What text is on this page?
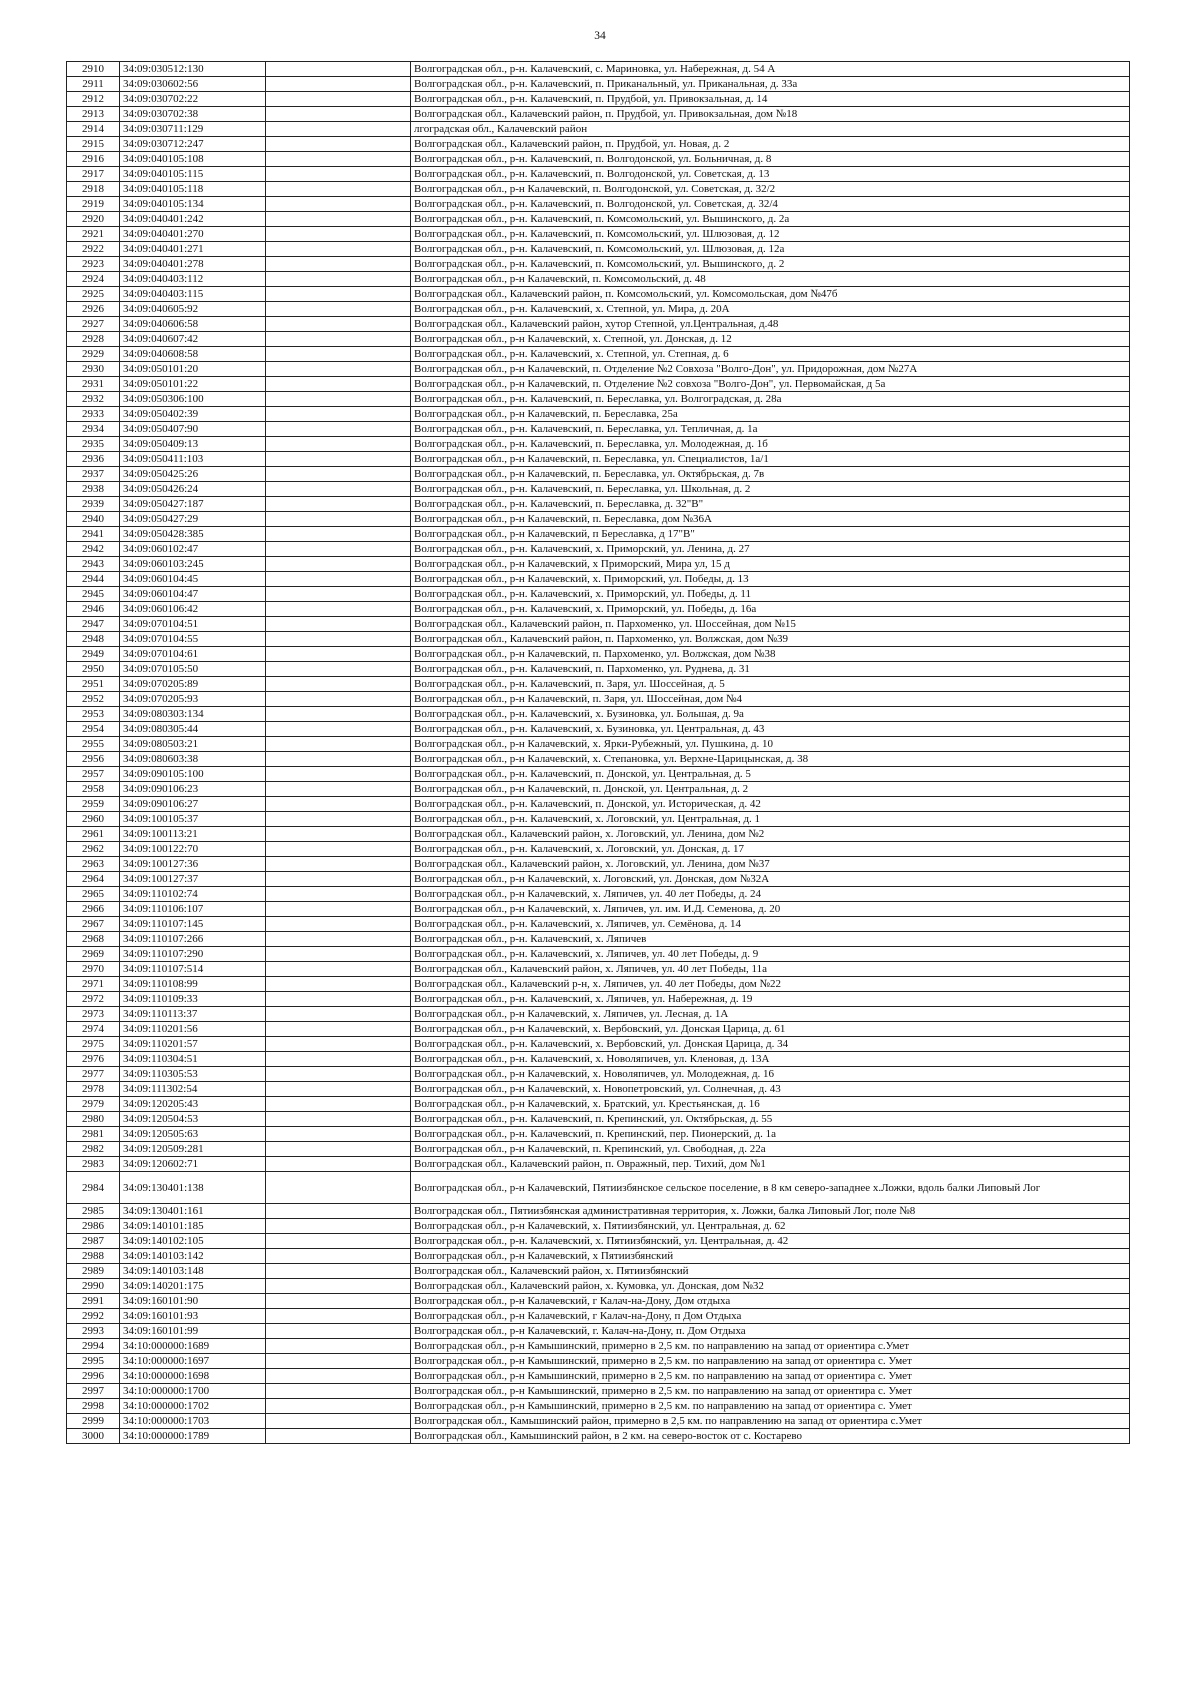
34
2910	34:09:030512:130		Волгоградская обл., р-н. Калачевский, с. Мариновка, ул. Набережная, д. 54 А
2911	34:09:030602:56		Волгоградская обл., р-н. Калачевский, п. Приканальный, ул. Приканальная, д. 33а
2912	34:09:030702:22		Волгоградская обл., р-н. Калачевский, п. Прудбой, ул. Привокзальная, д. 14
2913	34:09:030702:38		Волгоградская обл., Калачевский район, п. Прудбой, ул. Привокзальная, дом №18
2914	34:09:030711:129		лгоградская обл., Калачевский район
2915	34:09:030712:247		Волгоградская обл., Калачевский район, п. Прудбой, ул. Новая, д. 2
2916	34:09:040105:108		Волгоградская обл., р-н. Калачевский, п. Волгодонской, ул. Больничная, д. 8
2917	34:09:040105:115		Волгоградская обл., р-н. Калачевский, п. Волгодонской, ул. Советская, д. 13
2918	34:09:040105:118		Волгоградская обл., р-н Калачевский, п. Волгодонской, ул. Советская, д. 32/2
2919	34:09:040105:134		Волгоградская обл., р-н. Калачевский, п. Волгодонской, ул. Советская, д. 32/4
2920	34:09:040401:242		Волгоградская обл., р-н. Калачевский, п. Комсомольский, ул. Вышинского, д. 2а
2921	34:09:040401:270		Волгоградская обл., р-н. Калачевский, п. Комсомольский, ул. Шлюзовая, д. 12
2922	34:09:040401:271		Волгоградская обл., р-н. Калачевский, п. Комсомольский, ул. Шлюзовая, д. 12а
2923	34:09:040401:278		Волгоградская обл., р-н. Калачевский, п. Комсомольский, ул. Вышинского, д. 2
2924	34:09:040403:112		Волгоградская обл., р-н Калачевский, п. Комсомольский, д. 48
2925	34:09:040403:115		Волгоградская обл., Калачевский район, п. Комсомольский, ул. Комсомольская, дом №47б
2926	34:09:040605:92		Волгоградская обл., р-н. Калачевский, х. Степной, ул. Мира, д. 20А
2927	34:09:040606:58		Волгоградская обл., Калачевский район, хутор Степной, ул.Центральная, д.48
2928	34:09:040607:42		Волгоградская обл., р-н Калачевский, х. Степной, ул. Донская, д. 12
2929	34:09:040608:58		Волгоградская обл., р-н. Калачевский, х. Степной, ул. Степная, д. 6
2930	34:09:050101:20		Волгоградская обл., р-н Калачевский, п. Отделение №2 Совхоза "Волго-Дон", ул. Придорожная, дом №27А
2931	34:09:050101:22		Волгоградская обл., р-н Калачевский, п. Отделение №2 совхоза "Волго-Дон", ул. Первомайская, д 5а
2932	34:09:050306:100		Волгоградская обл., р-н. Калачевский, п. Береславка, ул. Волгоградская, д. 28а
2933	34:09:050402:39		Волгоградская обл., р-н Калачевский, п. Береславка, 25а
2934	34:09:050407:90		Волгоградская обл., р-н. Калачевский, п. Береславка, ул. Тепличная, д. 1а
2935	34:09:050409:13		Волгоградская обл., р-н. Калачевский, п. Береславка, ул. Молодежная, д. 1б
2936	34:09:050411:103		Волгоградская обл., р-н Калачевский, п. Береславка, ул. Специалистов, 1а/1
2937	34:09:050425:26		Волгоградская обл., р-н Калачевский, п. Береславка, ул. Октябрьская, д. 7в
2938	34:09:050426:24		Волгоградская обл., р-н. Калачевский, п. Береславка, ул. Школьная, д. 2
2939	34:09:050427:187		Волгоградская обл., р-н. Калачевский, п. Береславка, д. 32"В"
2940	34:09:050427:29		Волгоградская обл., р-н Калачевский, п. Береславка, дом №36А
2941	34:09:050428:385		Волгоградская обл., р-н Калачевский, п Береславка, д 17"В"
2942	34:09:060102:47		Волгоградская обл., р-н. Калачевский, х. Приморский, ул. Ленина, д. 27
2943	34:09:060103:245		Волгоградская обл., р-н Калачевский, х Приморский, Мира ул, 15 д
2944	34:09:060104:45		Волгоградская обл., р-н Калачевский, х. Приморский, ул. Победы, д. 13
2945	34:09:060104:47		Волгоградская обл., р-н. Калачевский, х. Приморский, ул. Победы, д. 11
2946	34:09:060106:42		Волгоградская обл., р-н. Калачевский, х. Приморский, ул. Победы, д. 16а
2947	34:09:070104:51		Волгоградская обл., Калачевский район, п. Пархоменко, ул. Шоссейная, дом №15
2948	34:09:070104:55		Волгоградская обл., Калачевский район, п. Пархоменко, ул. Волжская, дом №39
2949	34:09:070104:61		Волгоградская обл., р-н Калачевский, п. Пархоменко, ул. Волжская, дом №38
2950	34:09:070105:50		Волгоградская обл., р-н. Калачевский, п. Пархоменко, ул. Руднева, д. 31
2951	34:09:070205:89		Волгоградская обл., р-н. Калачевский, п. Заря, ул. Шоссейная, д. 5
2952	34:09:070205:93		Волгоградская обл., р-н Калачевский, п. Заря, ул. Шоссейная, дом №4
2953	34:09:080303:134		Волгоградская обл., р-н. Калачевский, х. Бузиновка, ул. Большая, д. 9а
2954	34:09:080305:44		Волгоградская обл., р-н. Калачевский, х. Бузиновка, ул. Центральная, д. 43
2955	34:09:080503:21		Волгоградская обл., р-н Калачевский, х. Ярки-Рубежный, ул. Пушкина, д. 10
2956	34:09:080603:38		Волгоградская обл., р-н Калачевский, х. Степановка, ул. Верхне-Царицынская, д. 38
2957	34:09:090105:100		Волгоградская обл., р-н. Калачевский, п. Донской, ул. Центральная, д. 5
2958	34:09:090106:23		Волгоградская обл., р-н Калачевский, п. Донской, ул. Центральная, д. 2
2959	34:09:090106:27		Волгоградская обл., р-н. Калачевский, п. Донской, ул. Историческая, д. 42
2960	34:09:100105:37		Волгоградская обл., р-н. Калачевский, х. Логовский, ул. Центральная, д. 1
2961	34:09:100113:21		Волгоградская обл., Калачевский район, х. Логовский, ул. Ленина, дом №2
2962	34:09:100122:70		Волгоградская обл., р-н. Калачевский, х. Логовский, ул. Донская, д. 17
2963	34:09:100127:36		Волгоградская обл., Калачевский район, х. Логовский, ул. Ленина, дом №37
2964	34:09:100127:37		Волгоградская обл., р-н Калачевский, х. Логовский, ул. Донская, дом №32А
2965	34:09:110102:74		Волгоградская обл., р-н Калачевский, х. Ляпичев, ул. 40 лет Победы, д. 24
2966	34:09:110106:107		Волгоградская обл., р-н Калачевский, х. Ляпичев, ул. им. И.Д. Семенова, д. 20
2967	34:09:110107:145		Волгоградская обл., р-н. Калачевский, х. Ляпичев, ул. Семёнова, д. 14
2968	34:09:110107:266		Волгоградская обл., р-н. Калачевский, х. Ляпичев
2969	34:09:110107:290		Волгоградская обл., р-н. Калачевский, х. Ляпичев, ул. 40 лет Победы, д. 9
2970	34:09:110107:514		Волгоградская обл., Калачевский район, х. Ляпичев, ул. 40 лет Победы, 11а
2971	34:09:110108:99		Волгоградская обл., Калачевский р-н, х. Ляпичев, ул. 40 лет Победы, дом №22
2972	34:09:110109:33		Волгоградская обл., р-н. Калачевский, х. Ляпичев, ул. Набережная, д. 19
2973	34:09:110113:37		Волгоградская обл., р-н Калачевский, х. Ляпичев, ул. Лесная, д. 1А
2974	34:09:110201:56		Волгоградская обл., р-н Калачевский, х. Вербовский, ул. Донская Царица, д. 61
2975	34:09:110201:57		Волгоградская обл., р-н. Калачевский, х. Вербовский, ул. Донская Царица, д. 34
2976	34:09:110304:51		Волгоградская обл., р-н. Калачевский, х. Новоляпичев, ул. Кленовая, д. 13А
2977	34:09:110305:53		Волгоградская обл., р-н Калачевский, х. Новоляпичев, ул. Молодежная, д. 16
2978	34:09:111302:54		Волгоградская обл., р-н Калачевский, х. Новопетровский, ул. Солнечная, д. 43
2979	34:09:120205:43		Волгоградская обл., р-н Калачевский, х. Братский, ул. Крестьянская, д. 16
2980	34:09:120504:53		Волгоградская обл., р-н. Калачевский, п. Крепинский, ул. Октябрьская, д. 55
2981	34:09:120505:63		Волгоградская обл., р-н. Калачевский, п. Крепинский, пер. Пионерский, д. 1а
2982	34:09:120509:281		Волгоградская обл., р-н Калачевский, п. Крепинский, ул. Свободная, д. 22а
2983	34:09:120602:71		Волгоградская обл., Калачевский район, п. Овражный, пер. Тихий, дом №1
2984	34:09:130401:138		Волгоградская обл., р-н Калачевский, Пятиизбянское сельское поселение, в 8 км северо-западнее х.Ложки, вдоль балки Липовый Лог
2985	34:09:130401:161		Волгоградская обл., Пятиизбянская административная территория, х. Ложки, балка Липовый Лог, поле №8
2986	34:09:140101:185		Волгоградская обл., р-н Калачевский, х. Пятиизбянский, ул. Центральная, д. 62
2987	34:09:140102:105		Волгоградская обл., р-н. Калачевский, х. Пятиизбянский, ул. Центральная, д. 42
2988	34:09:140103:142		Волгоградская обл., р-н Калачевский, х Пятиизбянский
2989	34:09:140103:148		Волгоградская обл., Калачевский район, х. Пятиизбянский
2990	34:09:140201:175		Волгоградская обл., Калачевский район, х. Кумовка, ул. Донская, дом №32
2991	34:09:160101:90		Волгоградская обл., р-н Калачевский, г Калач-на-Дону, Дом отдыха
2992	34:09:160101:93		Волгоградская обл., р-н Калачевский, г Калач-на-Дону, п Дом Отдыха
2993	34:09:160101:99		Волгоградская обл., р-н Калачевский, г. Калач-на-Дону, п. Дом Отдыха
2994	34:10:000000:1689		Волгоградская обл., р-н Камышинский, примерно в 2,5 км. по направлению на запад от ориентира с.Умет
2995	34:10:000000:1697		Волгоградская обл., р-н Камышинский, примерно в 2,5 км. по направлению на запад от ориентира с. Умет
2996	34:10:000000:1698		Волгоградская обл., р-н Камышинский, примерно в 2,5 км. по направлению на запад от ориентира с. Умет
2997	34:10:000000:1700		Волгоградская обл., р-н Камышинский, примерно в 2,5 км. по направлению на запад от ориентира с. Умет
2998	34:10:000000:1702		Волгоградская обл., р-н Камышинский, примерно в 2,5 км. по направлению на запад от ориентира с. Умет
2999	34:10:000000:1703		Волгоградская обл., Камышинский район, примерно в 2,5 км. по направлению на запад от ориентира с.Умет
3000	34:10:000000:1789		Волгоградская обл., Камышинский район, в 2 км. на северо-восток от с. Костарево
